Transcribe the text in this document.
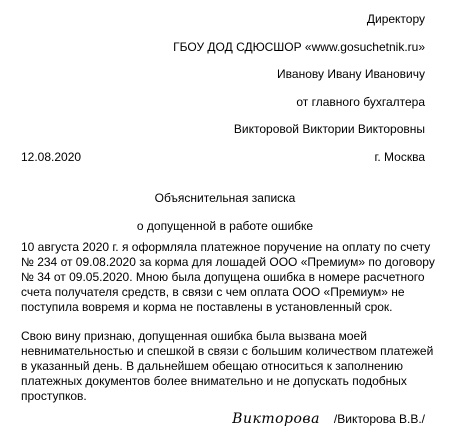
Директору
ГБОУ ДОД СДЮСШОР «www.gosuchetnik.ru»
Иванову Ивану Ивановичу
от главного бухгалтера
Викторовой Виктории Викторовны
12.08.2020	г. Москва
Объяснительная записка
о допущенной в работе ошибке
10 августа 2020 г. я оформляла платежное поручение на оплату по счету
№ 234 от 09.08.2020 за корма для лошадей ООО «Премиум» по договору
№ 34 от 09.05.2020. Мною была допущена ошибка в номере расчетного
счета получателя средств, в связи с чем оплата ООО «Премиум» не
поступила вовремя и корма не поставлены в установленный срок.
Свою вину признаю, допущенная ошибка была вызвана моей
невнимательностью и спешкой в связи с большим количеством платежей
в указанный день. В дальнейшем обещаю относиться к заполнению
платежных документов более внимательно и не допускать подобных
проступков.
Викторова /Викторова В.В./
